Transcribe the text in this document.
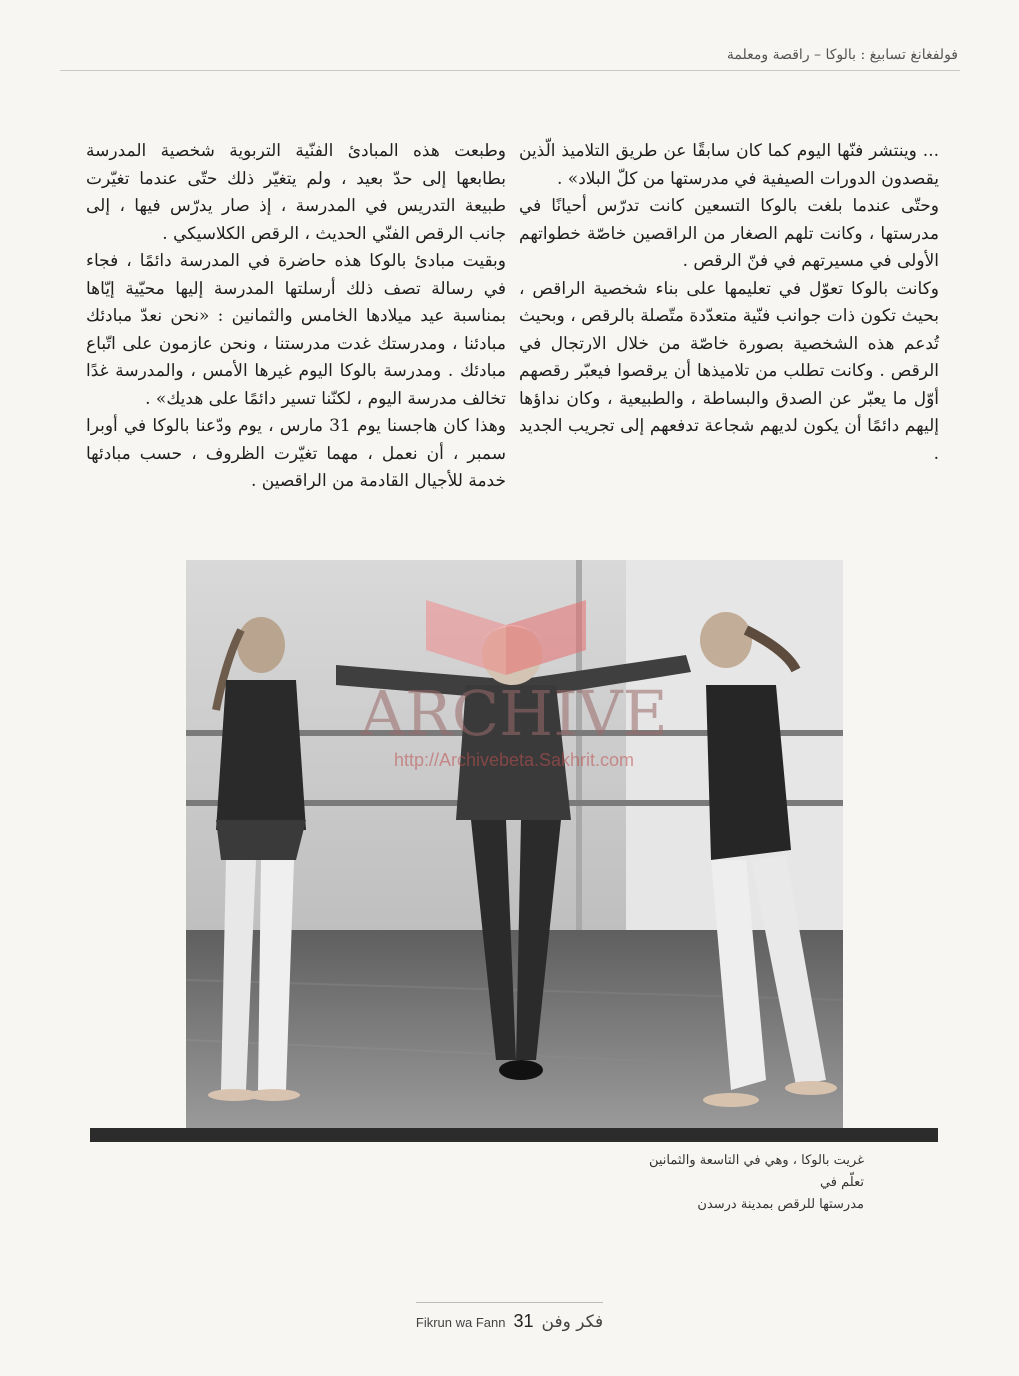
فولفغانغ تسابيغ : بالوكا – راقصة ومعلمة

... وينتشر فنّها اليوم كما كان سابقًا عن طريق التلاميذ الّذين يقصدون الدورات الصيفية في مدرستها من كلّ البلاد» .

وحتّى عندما بلغت بالوكا التسعين كانت تدرّس أحيانًا في مدرستها ، وكانت تلهم الصغار من الراقصين خاصّة خطواتهم الأولى في مسيرتهم في فنّ الرقص .

وكانت بالوكا تعوّل في تعليمها على بناء شخصية الراقص ، بحيث تكون ذات جوانب فنّية متعدّدة متّصلة بالرقص ، وبحيث تُدعم هذه الشخصية بصورة خاصّة من خلال الارتجال في الرقص . وكانت تطلب من تلاميذها أن يرقصوا فيعبّر رقصهم أوّل ما يعبّر عن الصدق والبساطة ، والطبيعية ، وكان نداؤها إليهم دائمًا أن يكون لديهم شجاعة تدفعهم إلى تجريب الجديد .

وطبعت هذه المبادئ الفنّية التربوية شخصية المدرسة بطابعها إلى حدّ بعيد ، ولم يتغيّر ذلك حتّى عندما تغيّرت طبيعة التدريس في المدرسة ، إذ صار يدرّس فيها ، إلى جانب الرقص الفنّي الحديث ، الرقص الكلاسيكي .

وبقيت مبادئ بالوكا هذه حاضرة في المدرسة دائمًا ، فجاء في رسالة تصف ذلك أرسلتها المدرسة إليها محيّية إيّاها بمناسبة عيد ميلادها الخامس والثمانين : «نحن نعدّ مبادئك مبادئنا ، ومدرستك غدت مدرستنا ، ونحن عازمون على اتّباع مبادئك . ومدرسة بالوكا اليوم غيرها الأمس ، والمدرسة غدًا تخالف مدرسة اليوم ، لكنّنا تسير دائمًا على هديك» .

وهذا كان هاجسنا يوم 31 مارس ، يوم ودّعنا بالوكا في أوبرا سمبر ، أن نعمل ، مهما تغيّرت الظروف ، حسب مبادئها خدمة للأجيال القادمة من الراقصين .

ARCHIVE
http://Archivebeta.Sakhrit.com
غريت بالوكا ، وهي في التاسعة والثمانين تعلّم في
مدرستها للرقص بمدينة درسدن
Fikrun wa Fann 31 فكر وفن
